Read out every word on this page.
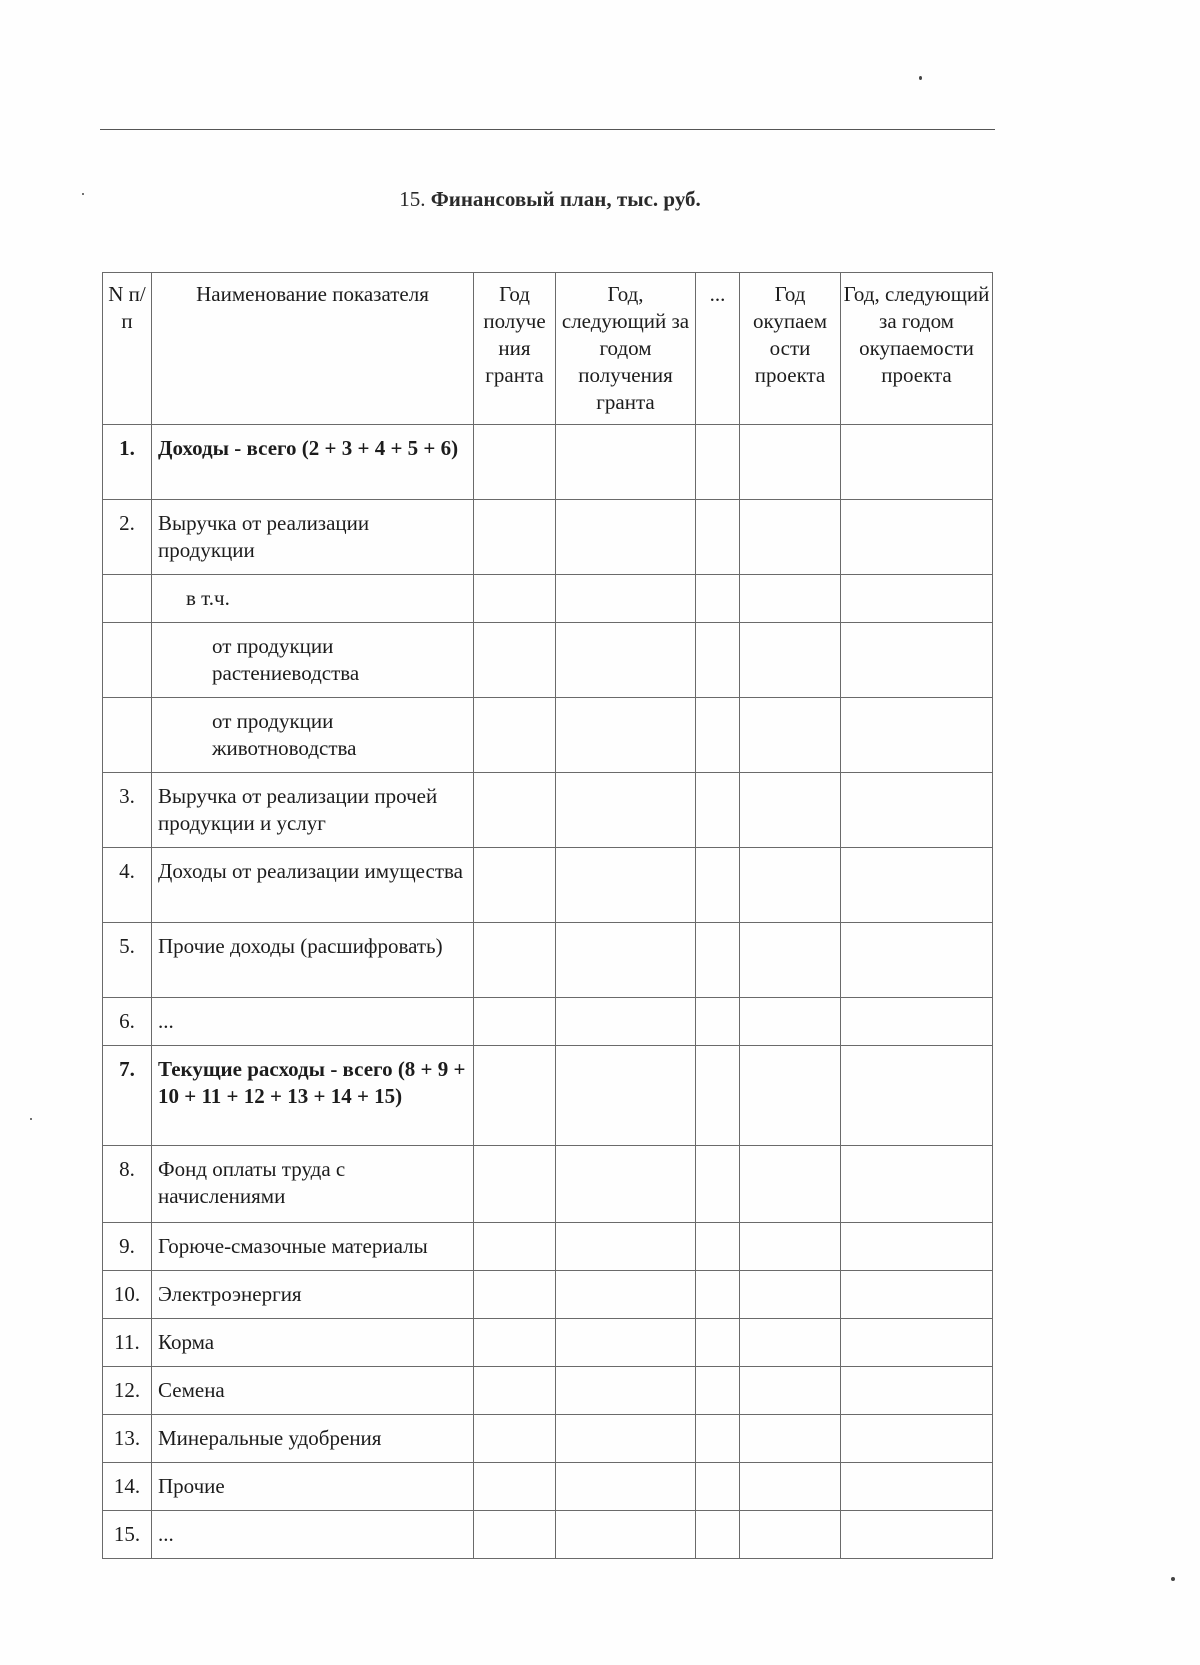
15. Финансовый план, тыс. руб.
N п/п	Наименование показателя	Год получе ния гранта	Год, следующий за годом получения гранта	...	Год окупаем ости проекта	Год, следующий за годом окупаемости проекта
1.	Доходы - всего (2 + 3 + 4 + 5 + 6)					
2.	Выручка от реализации продукции					
	в т.ч.					
	от продукции растениеводства					
	от продукции животноводства					
3.	Выручка от реализации прочей продукции и услуг					
4.	Доходы от реализации имущества					
5.	Прочие доходы (расшифровать)					
6.	...					
7.	Текущие расходы - всего (8 + 9 + 10 + 11 + 12 + 13 + 14 + 15)					
8.	Фонд оплаты труда с начислениями					
9.	Горюче-смазочные материалы					
10.	Электроэнергия					
11.	Корма					
12.	Семена					
13.	Минеральные удобрения					
14.	Прочие					
15.	...					
